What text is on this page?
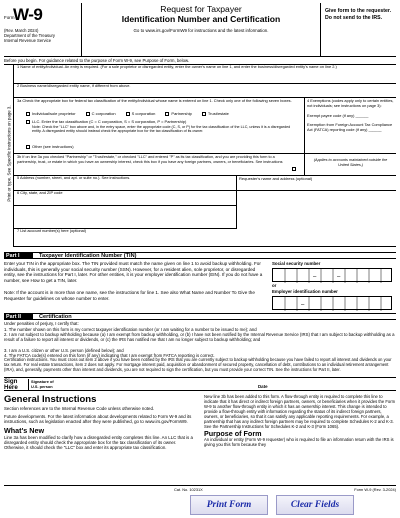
Form
W-9
(Rev. March 2024)
Department of the Treasury
Internal Revenue Service
Request for Taxpayer
Identification Number and Certification
Go to www.irs.gov/FormW9 for instructions and the latest information.
Give form to the requester. Do not send to the IRS.
Before you begin. For guidance related to the purpose of Form W-9, see Purpose of Form, below.
Print or type. See Specific Instructions on page 3.
1 Name of entity/individual. An entry is required. (For a sole proprietor or disregarded entity, enter the owner's name on line 1, and enter the business/disregarded entity's name on line 2.)
2 Business name/disregarded entity name, if different from above.
3a Check the appropriate box for federal tax classification of the entity/individual whose name is entered on line 1. Check only one of the following seven boxes.
Individual/sole proprietor	C corporation	S corporation	Partnership	Trust/estate
LLC. Enter the tax classification (C = C corporation, S = S corporation, P = Partnership)
Note: Check the "LLC" box above and, in the entry space, enter the appropriate code (C, S, or P) for the tax classification of the LLC, unless it is a disregarded entity. A disregarded entity should instead check the appropriate box for the tax classification of its owner.
Other (see instructions)
4 Exemptions (codes apply only to certain entities, not individuals; see instructions on page 3):
Exempt payee code (if any) ______
Exemption from Foreign Account Tax Compliance Act (FATCA) reporting code (if any) ______
3b If on line 3a you checked "Partnership" or "Trust/estate," or checked "LLC" and entered "P" as its tax classification, and you are providing this form to a partnership, trust, or estate in which you have an ownership interest, check this box if you have any foreign partners, owners, or beneficiaries. See instructions	(Applies to accounts maintained outside the United States.)
5 Address (number, street, and apt. or suite no.). See instructions.	Requester's name and address (optional)
6 City, state, and ZIP code
7 List account number(s) here (optional)
Part I	Taxpayer Identification Number (TIN)
Enter your TIN in the appropriate box. The TIN provided must match the name given on line 1 to avoid backup withholding. For individuals, this is generally your social security number (SSN). However, for a resident alien, sole proprietor, or disregarded entity, see the instructions for Part I, later. For other entities, it is your employer identification number (EIN). If you do not have a number, see How to get a TIN, later.
Note: If the account is in more than one name, see the instructions for line 1. See also What Name and Number To Give the Requester for guidelines on whose number to enter.
Social security number
–	–
or
Employer identification number
–
Part II	Certification
Under penalties of perjury, I certify that:
1. The number shown on this form is my correct taxpayer identification number (or I am waiting for a number to be issued to me); and
2. I am not subject to backup withholding because (a) I am exempt from backup withholding, or (b) I have not been notified by the Internal Revenue Service (IRS) that I am subject to backup withholding as a result of a failure to report all interest or dividends, or (c) the IRS has notified me that I am no longer subject to backup withholding; and
3. I am a U.S. citizen or other U.S. person (defined below); and
4. The FATCA code(s) entered on this form (if any) indicating that I am exempt from FATCA reporting is correct.
General Instructions
Section references are to the Internal Revenue Code unless otherwise noted.
Future developments. For the latest information about developments related to Form W-9 and its instructions, such as legislation enacted after they were published, go to www.irs.gov/FormW9.
What's New
Line 3a has been modified to clarify how a disregarded entity completes this line. An LLC that is a disregarded entity should check the appropriate box for the tax classification of its owner. Otherwise, it should check the "LLC" box and enter its appropriate tax classification.
New line 3b has been added to this form. A flow-through entity is required to complete this line to indicate that it has direct or indirect foreign partners, owners, or beneficiaries when it provides the Form W-9 to another flow-through entity in which it has an ownership interest. This change is intended to provide a flow-through entity with information regarding the status of its indirect foreign partners, owners, or beneficiaries, so that it can satisfy any applicable reporting requirements. For example, a partnership that has any indirect foreign partners may be required to complete Schedules K-2 and K-3. See the Partnership Instructions for Schedules K-2 and K-3 (Form 1065).
Purpose of Form
An individual or entity (Form W-9 requester) who is required to file an information return with the IRS is giving you this form because they
Cat. No. 10231X	Form W-9 (Rev. 3-2024)
Print Form	Clear Fields
Certification instructions. You must cross out item 2 above if you have been notified by the IRS that you are currently subject to backup withholding because you have failed to report all interest and dividends on your tax return. For real estate transactions, item 2 does not apply. For mortgage interest paid, acquisition or abandonment of secured property, cancellation of debt, contributions to an individual retirement arrangement (IRA), and, generally, payments other than interest and dividends, you are not required to sign the certification, but you must provide your correct TIN. See the instructions for Part II, later.
Sign
Here
Signature of
U.S. person	Date
